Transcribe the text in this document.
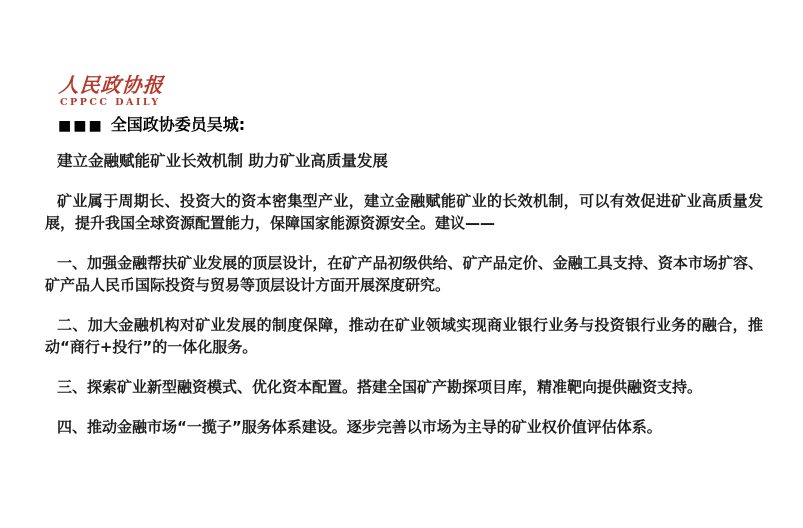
人民政协报
CPPCC DAILY
■■■ 全国政协委员吴城:
建立金融赋能矿业长效机制 助力矿业高质量发展

矿业属于周期长、投资大的资本密集型产业，建立金融赋能矿业的长效机制，可以有效促进矿业高质量发展，提升我国全球资源配置能力，保障国家能源资源安全。建议——

一、加强金融帮扶矿业发展的顶层设计，在矿产品初级供给、矿产品定价、金融工具支持、资本市场扩容、矿产品人民币国际投资与贸易等顶层设计方面开展深度研究。

二、加大金融机构对矿业发展的制度保障，推动在矿业领域实现商业银行业务与投资银行业务的融合，推动“商行+投行”的一体化服务。

三、探索矿业新型融资模式、优化资本配置。搭建全国矿产勘探项目库，精准靶向提供融资支持。

四、推动金融市场“一揽子”服务体系建设。逐步完善以市场为主导的矿业权价值评估体系。
